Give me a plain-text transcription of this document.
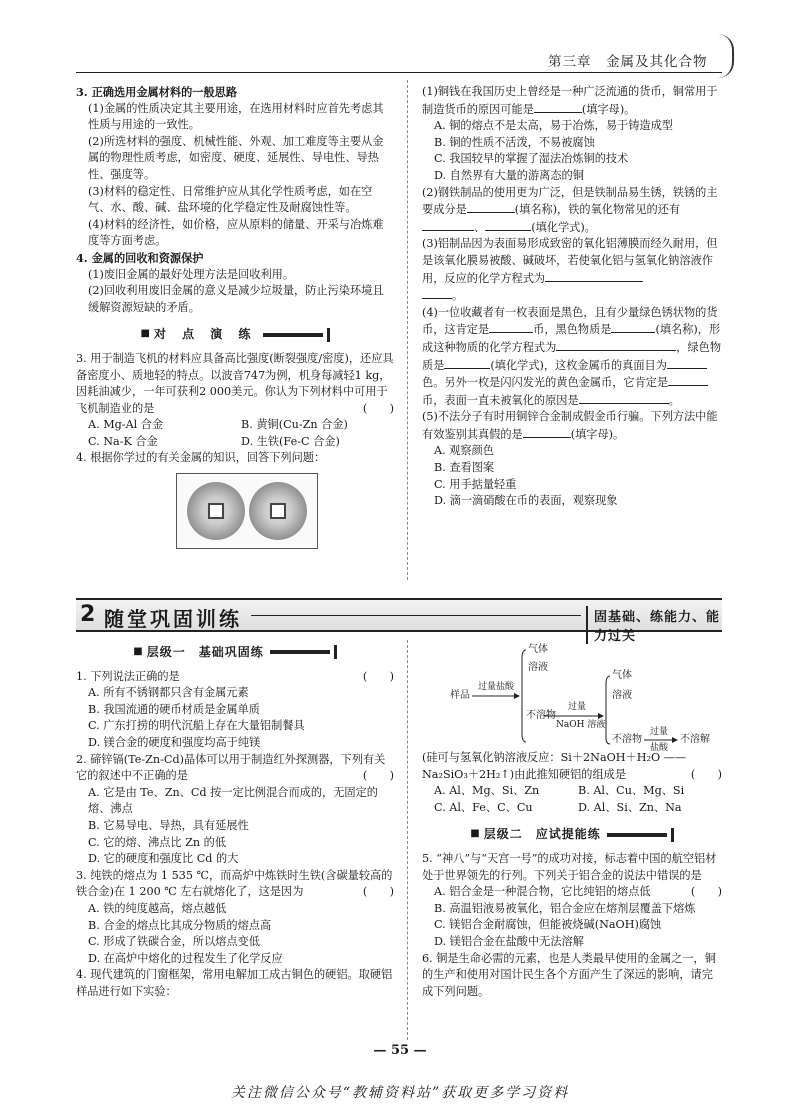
第三章　金属及其化合物

3. 正确选用金属材料的一般思路

(1)金属的性质决定其主要用途，在选用材料时应首先考虑其性质与用途的一致性。

(2)所选材料的强度、机械性能、外观、加工难度等主要从金属的物理性质考虑，如密度、硬度、延展性、导电性、导热性、强度等。

(3)材料的稳定性、日常维护应从其化学性质考虑，如在空气、水、酸、碱、盐环境的化学稳定性及耐腐蚀性等。

(4)材料的经济性，如价格，应从原料的储量、开采与冶炼难度等方面考虑。

4. 金属的回收和资源保护

(1)废旧金属的最好处理方法是回收利用。

(2)回收利用废旧金属的意义是减少垃圾量，防止污染环境且缓解资源短缺的矛盾。

■ 对 点 演 练

3. 用于制造飞机的材料应具备高比强度(断裂强度/密度)，还应具备密度小、质地轻的特点。以波音747为例，机身每减轻1 kg，因耗油减少，一年可获利2 000美元。你认为下列材料中可用于飞机制造业的是	(　　)

A. Mg-Al 合金	B. 黄铜(Cu-Zn 合金)
C. Na-K 合金	D. 生铁(Fe-C 合金)

4. 根据你学过的有关金属的知识，回答下列问题：

(1)铜钱在我国历史上曾经是一种广泛流通的货币，铜常用于制造货币的原因可能是	(填字母)。

A. 铜的熔点不是太高，易于冶炼，易于铸造成型

B. 铜的性质不活泼，不易被腐蚀

C. 我国较早的掌握了湿法冶炼铜的技术

D. 自然界有大量的游离态的铜

(2)钢铁制品的使用更为广泛，但是铁制品易生锈，铁锈的主要成分是	(填名称)，铁的氧化物常见的还有、	(填化学式)。

(3)铝制品因为表面易形成致密的氧化铝薄膜而经久耐用，但是该氧化膜易被酸、碱破坏，若使氧化铝与氢氧化钠溶液作用，反应的化学方程式为
。

(4)一位收藏者有一枚表面是黑色，且有少量绿色锈状物的货币，这肯定是	币，黑色物质是	(填名称)，形成这种物质的化学方程式为	，绿色物质是	(填化学式)，这枚金属币的真面目为色。另外一枚是闪闪发光的黄色金属币，它肯定是币，表面一直未被氧化的原因是	。

(5)不法分子有时用铜锌合金制成假金币行骗。下列方法中能有效鉴别其真假的是	(填字母)。

A. 观察颜色

B. 查看图案

C. 用手掂量轻重

D. 滴一滴硝酸在币的表面，观察现象

2 随堂巩固训练	固基础、练能力、能力过关
■ 层级一　基础巩固练

1. 下列说法正确的是	(　　)

A. 所有不锈钢都只含有金属元素

B. 我国流通的硬币材质是金属单质

C. 广东打捞的明代沉船上存在大量铝制餐具

D. 镁合金的硬度和强度均高于纯镁

2. 碲锌镉(Te-Zn-Cd)晶体可以用于制造红外探测器，下列有关它的叙述中不正确的是	(　　)

A. 它是由 Te、Zn、Cd 按一定比例混合而成的，无固定的熔、沸点

B. 它易导电、导热，具有延展性

C. 它的熔、沸点比 Zn 的低

D. 它的硬度和强度比 Cd 的大

3. 纯铁的熔点为 1 535 ℃，而高炉中炼铁时生铁(含碳量较高的铁合金)在 1 200 ℃ 左右就熔化了，这是因为	(　　)

A. 铁的纯度越高，熔点越低

B. 合金的熔点比其成分物质的熔点高

C. 形成了铁碳合金，所以熔点变低

D. 在高炉中熔化的过程发生了化学反应

4. 现代建筑的门窗框架，常用电解加工成古铜色的硬铝。取硬铝样品进行如下实验：

样品
过量盐酸
气体
溶液
不溶物
过量
NaOH 溶液
气体
溶液
不溶物
过量
盐酸
不溶解

(硅可与氢氧化钠溶液反应：Si＋2NaOH＋H₂O ——

Na₂SiO₃＋2H₂↑)由此推知硬铝的组成是	(　　)

A. Al、Mg、Si、Zn	B. Al、Cu、Mg、Si
C. Al、Fe、C、Cu	D. Al、Si、Zn、Na
■ 层级二　应试提能练

5. “神八”与“天宫一号”的成功对接，标志着中国的航空铝材处于世界领先的行列。下列关于铝合金的说法中错误的是
(　　)

A. 铝合金是一种混合物，它比纯铝的熔点低

B. 高温铝液易被氧化，铝合金应在熔剂层覆盖下熔炼

C. 镁铝合金耐腐蚀，但能被烧碱(NaOH)腐蚀

D. 镁铝合金在盐酸中无法溶解

6. 铜是生命必需的元素，也是人类最早使用的金属之一，铜的生产和使用对国计民生各个方面产生了深远的影响，请完成下列问题。

— 55 —
关注微信公众号“教辅资料站”获取更多学习资料
